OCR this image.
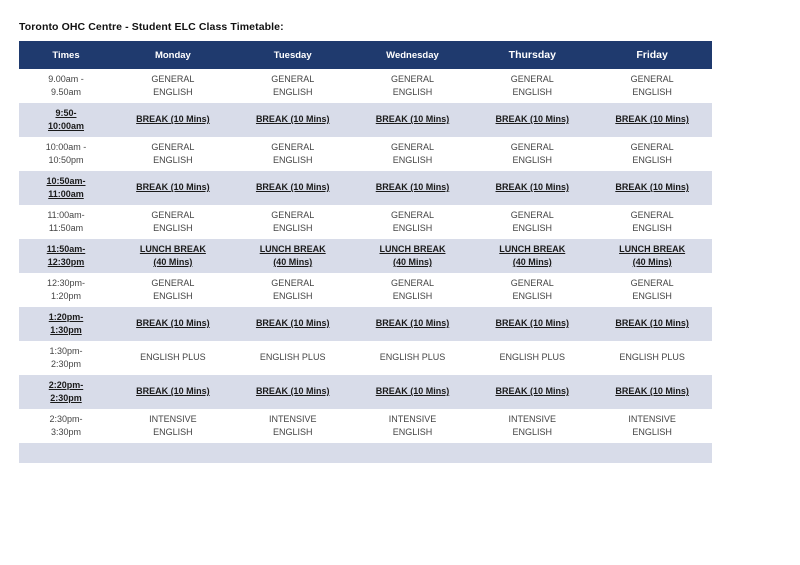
Toronto OHC Centre - Student ELC Class Timetable:
Times	Monday	Tuesday	Wednesday	Thursday	Friday

9.00am -
9.50am	GENERAL
ENGLISH	GENERAL
ENGLISH	GENERAL
ENGLISH	GENERAL
ENGLISH	GENERAL
ENGLISH

9:50-
10:00am	BREAK (10 Mins)	BREAK (10 Mins)	BREAK (10 Mins)	BREAK (10 Mins)	BREAK (10 Mins)

10:00am -
10:50pm	GENERAL
ENGLISH	GENERAL
ENGLISH	GENERAL
ENGLISH	GENERAL
ENGLISH	GENERAL
ENGLISH

10:50am-
11:00am	BREAK (10 Mins)	BREAK (10 Mins)	BREAK (10 Mins)	BREAK (10 Mins)	BREAK (10 Mins)

11:00am-
11:50am	GENERAL
ENGLISH	GENERAL
ENGLISH	GENERAL
ENGLISH	GENERAL
ENGLISH	GENERAL
ENGLISH

11:50am-
12:30pm	LUNCH BREAK
(40 Mins)	LUNCH BREAK
(40 Mins)	LUNCH BREAK
(40 Mins)	LUNCH BREAK
(40 Mins)	LUNCH BREAK
(40 Mins)

12:30pm-
1:20pm	GENERAL
ENGLISH	GENERAL
ENGLISH	GENERAL
ENGLISH	GENERAL
ENGLISH	GENERAL
ENGLISH

1:20pm-
1:30pm	BREAK (10 Mins)	BREAK (10 Mins)	BREAK (10 Mins)	BREAK (10 Mins)	BREAK (10 Mins)

1:30pm-
2:30pm	ENGLISH PLUS	ENGLISH PLUS	ENGLISH PLUS	ENGLISH PLUS	ENGLISH PLUS

2:20pm-
2:30pm	BREAK (10 Mins)	BREAK (10 Mins)	BREAK (10 Mins)	BREAK (10 Mins)	BREAK (10 Mins)

2:30pm-
3:30pm	INTENSIVE
ENGLISH	INTENSIVE
ENGLISH	INTENSIVE
ENGLISH	INTENSIVE
ENGLISH	INTENSIVE
ENGLISH
